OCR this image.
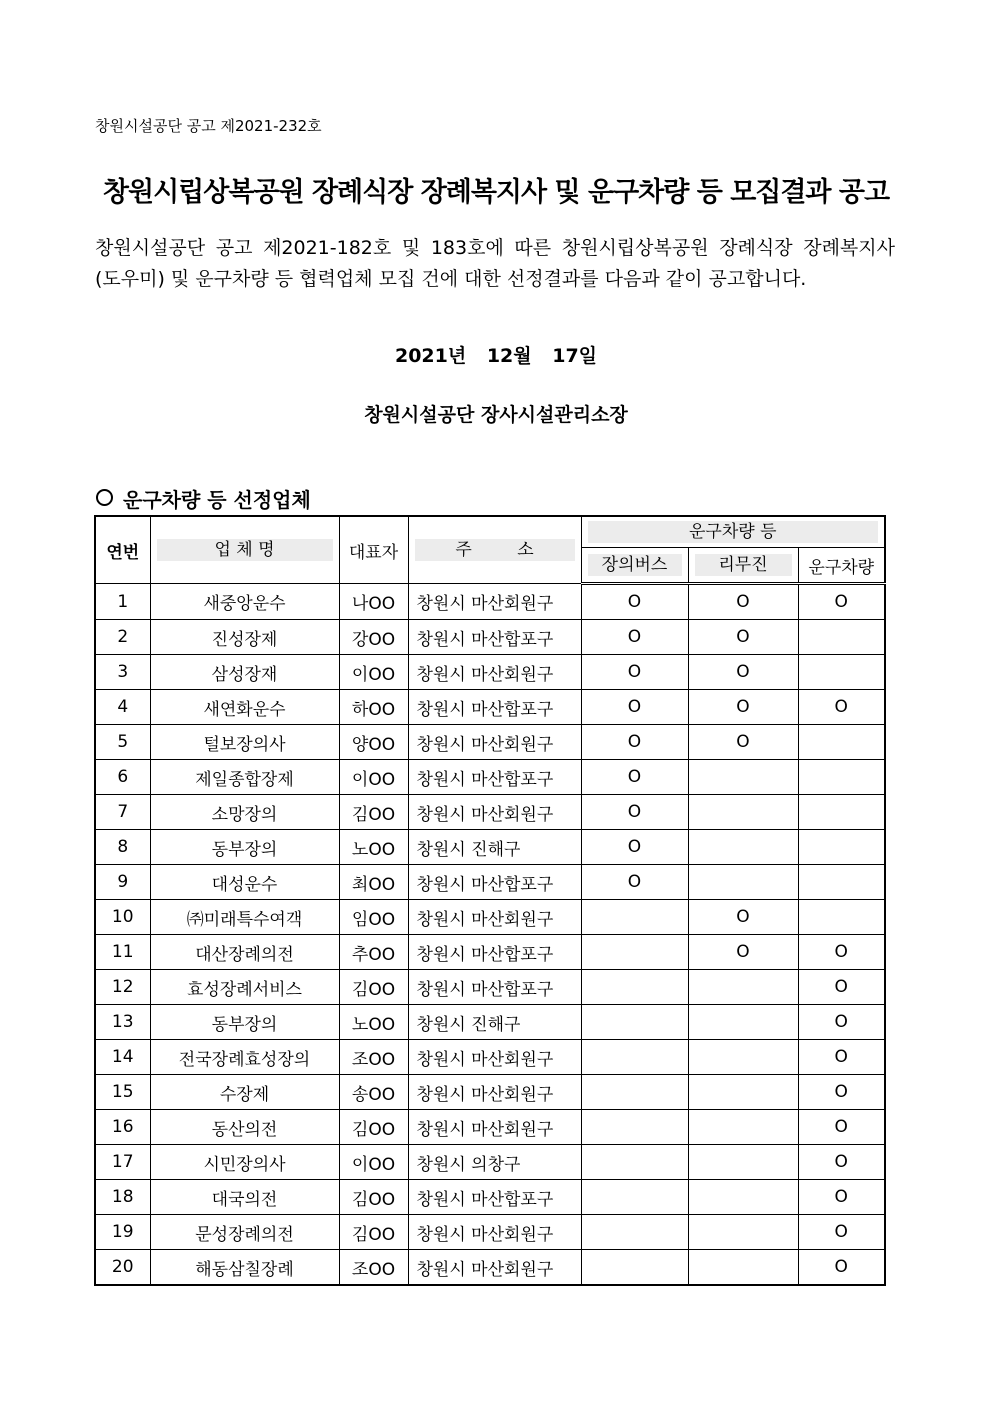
창원시설공단 공고 제2021-232호
창원시립상복공원 장례식장 장례복지사 및 운구차량 등 모집결과 공고
창원시설공단 공고 제2021-182호 및 183호에 따른 창원시립상복공원 장례식장 장례복지사
(도우미) 및 운구차량 등 협력업체 모집 건에 대한 선정결과를 다음과 같이 공고합니다.
2021년 12월 17일
창원시설공단 장사시설관리소장
운구차량 등 선정업체
연번	업 체 명	대표자	주 소	운구차량 등		

				장의버스	리무진	운구차량
1	새중앙운수	나OO	창원시 마산회원구	O	O	O
2	진성장제	강OO	창원시 마산합포구	O	O	
3	삼성장재	이OO	창원시 마산회원구	O	O	
4	새연화운수	하OO	창원시 마산합포구	O	O	O
5	털보장의사	양OO	창원시 마산회원구	O	O	
6	제일종합장제	이OO	창원시 마산합포구	O		
7	소망장의	김OO	창원시 마산회원구	O		
8	동부장의	노OO	창원시 진해구	O		
9	대성운수	최OO	창원시 마산합포구	O		
10	㈜미래특수여객	임OO	창원시 마산회원구		O	
11	대산장례의전	추OO	창원시 마산합포구		O	O
12	효성장례서비스	김OO	창원시 마산합포구			O
13	동부장의	노OO	창원시 진해구			O
14	전국장례효성장의	조OO	창원시 마산회원구			O
15	수장제	송OO	창원시 마산회원구			O
16	동산의전	김OO	창원시 마산회원구			O
17	시민장의사	이OO	창원시 의창구			O
18	대국의전	김OO	창원시 마산합포구			O
19	문성장례의전	김OO	창원시 마산회원구			O
20	해동삼칠장례	조OO	창원시 마산회원구			O
